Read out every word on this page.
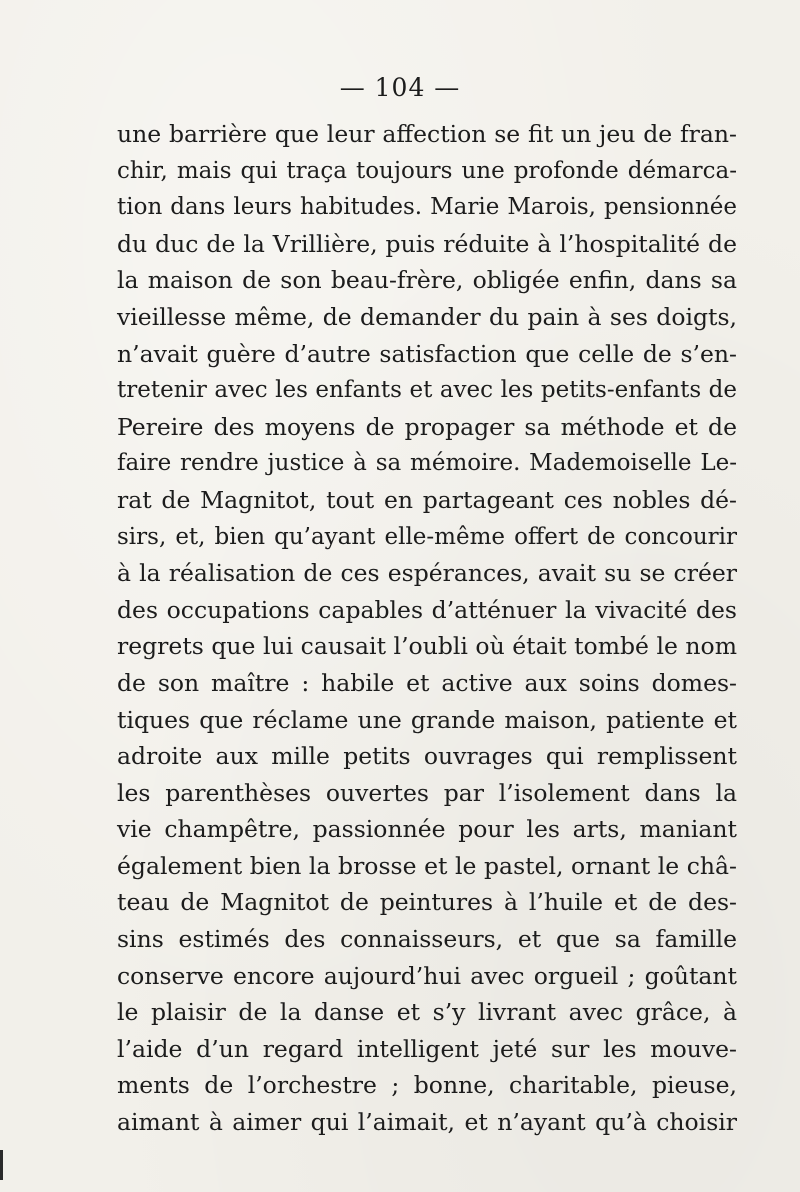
— 104 —
une barrière que leur affection se fit un jeu de fran-
chir, mais qui traça toujours une profonde démarca-
tion dans leurs habitudes. Marie Marois, pensionnée
du duc de la Vrillière, puis réduite à l’hospitalité de
la maison de son beau-frère, obligée enfin, dans sa
vieillesse même, de demander du pain à ses doigts,
n’avait guère d’autre satisfaction que celle de s’en-
tretenir avec les enfants et avec les petits-enfants de
Pereire des moyens de propager sa méthode et de
faire rendre justice à sa mémoire. Mademoiselle Le-
rat de Magnitot, tout en partageant ces nobles dé-
sirs, et, bien qu’ayant elle-même offert de concourir
à la réalisation de ces espérances, avait su se créer
des occupations capables d’atténuer la vivacité des
regrets que lui causait l’oubli où était tombé le nom
de son maître : habile et active aux soins domes-
tiques que réclame une grande maison, patiente et
adroite aux mille petits ouvrages qui remplissent
les parenthèses ouvertes par l’isolement dans la
vie champêtre, passionnée pour les arts, maniant
également bien la brosse et le pastel, ornant le châ-
teau de Magnitot de peintures à l’huile et de des-
sins estimés des connaisseurs, et que sa famille
conserve encore aujourd’hui avec orgueil ; goûtant
le plaisir de la danse et s’y livrant avec grâce, à
l’aide d’un regard intelligent jeté sur les mouve-
ments de l’orchestre ; bonne, charitable, pieuse,
aimant à aimer qui l’aimait, et n’ayant qu’à choisir
